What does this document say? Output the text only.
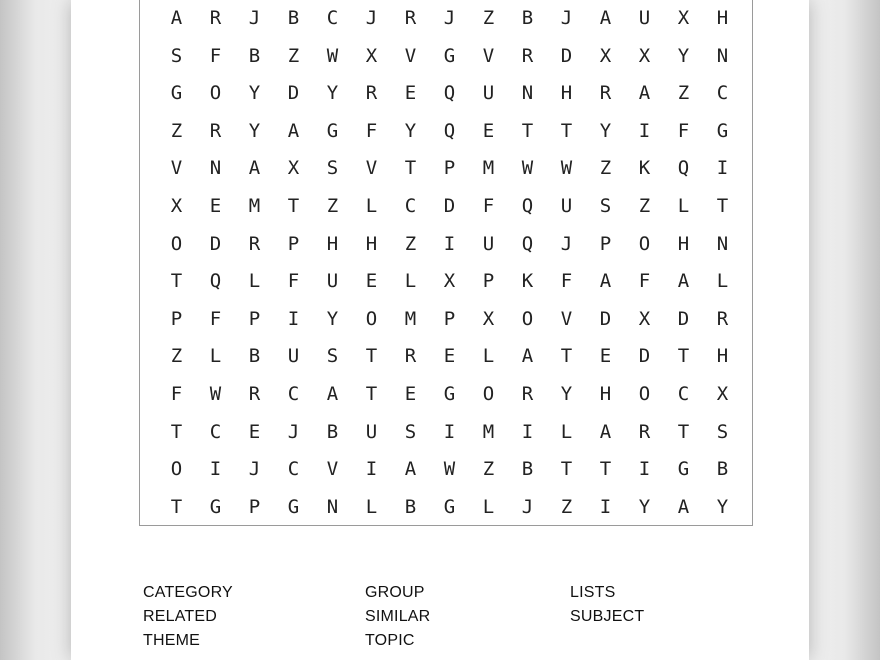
A	R	J	B	C	J	R	J	Z	B	J	A	U	X	H
S	F	B	Z	W	X	V	G	V	R	D	X	X	Y	N
G	O	Y	D	Y	R	E	Q	U	N	H	R	A	Z	C
Z	R	Y	A	G	F	Y	Q	E	T	T	Y	I	F	G
V	N	A	X	S	V	T	P	M	W	W	Z	K	Q	I
X	E	M	T	Z	L	C	D	F	Q	U	S	Z	L	T
O	D	R	P	H	H	Z	I	U	Q	J	P	O	H	N
T	Q	L	F	U	E	L	X	P	K	F	A	F	A	L
P	F	P	I	Y	O	M	P	X	O	V	D	X	D	R
Z	L	B	U	S	T	R	E	L	A	T	E	D	T	H
F	W	R	C	A	T	E	G	O	R	Y	H	O	C	X
T	C	E	J	B	U	S	I	M	I	L	A	R	T	S
O	I	J	C	V	I	A	W	Z	B	T	T	I	G	B
T	G	P	G	N	L	B	G	L	J	Z	I	Y	A	Y
CATEGORY	GROUP	LISTS
RELATED	SIMILAR	SUBJECT
THEME	TOPIC
